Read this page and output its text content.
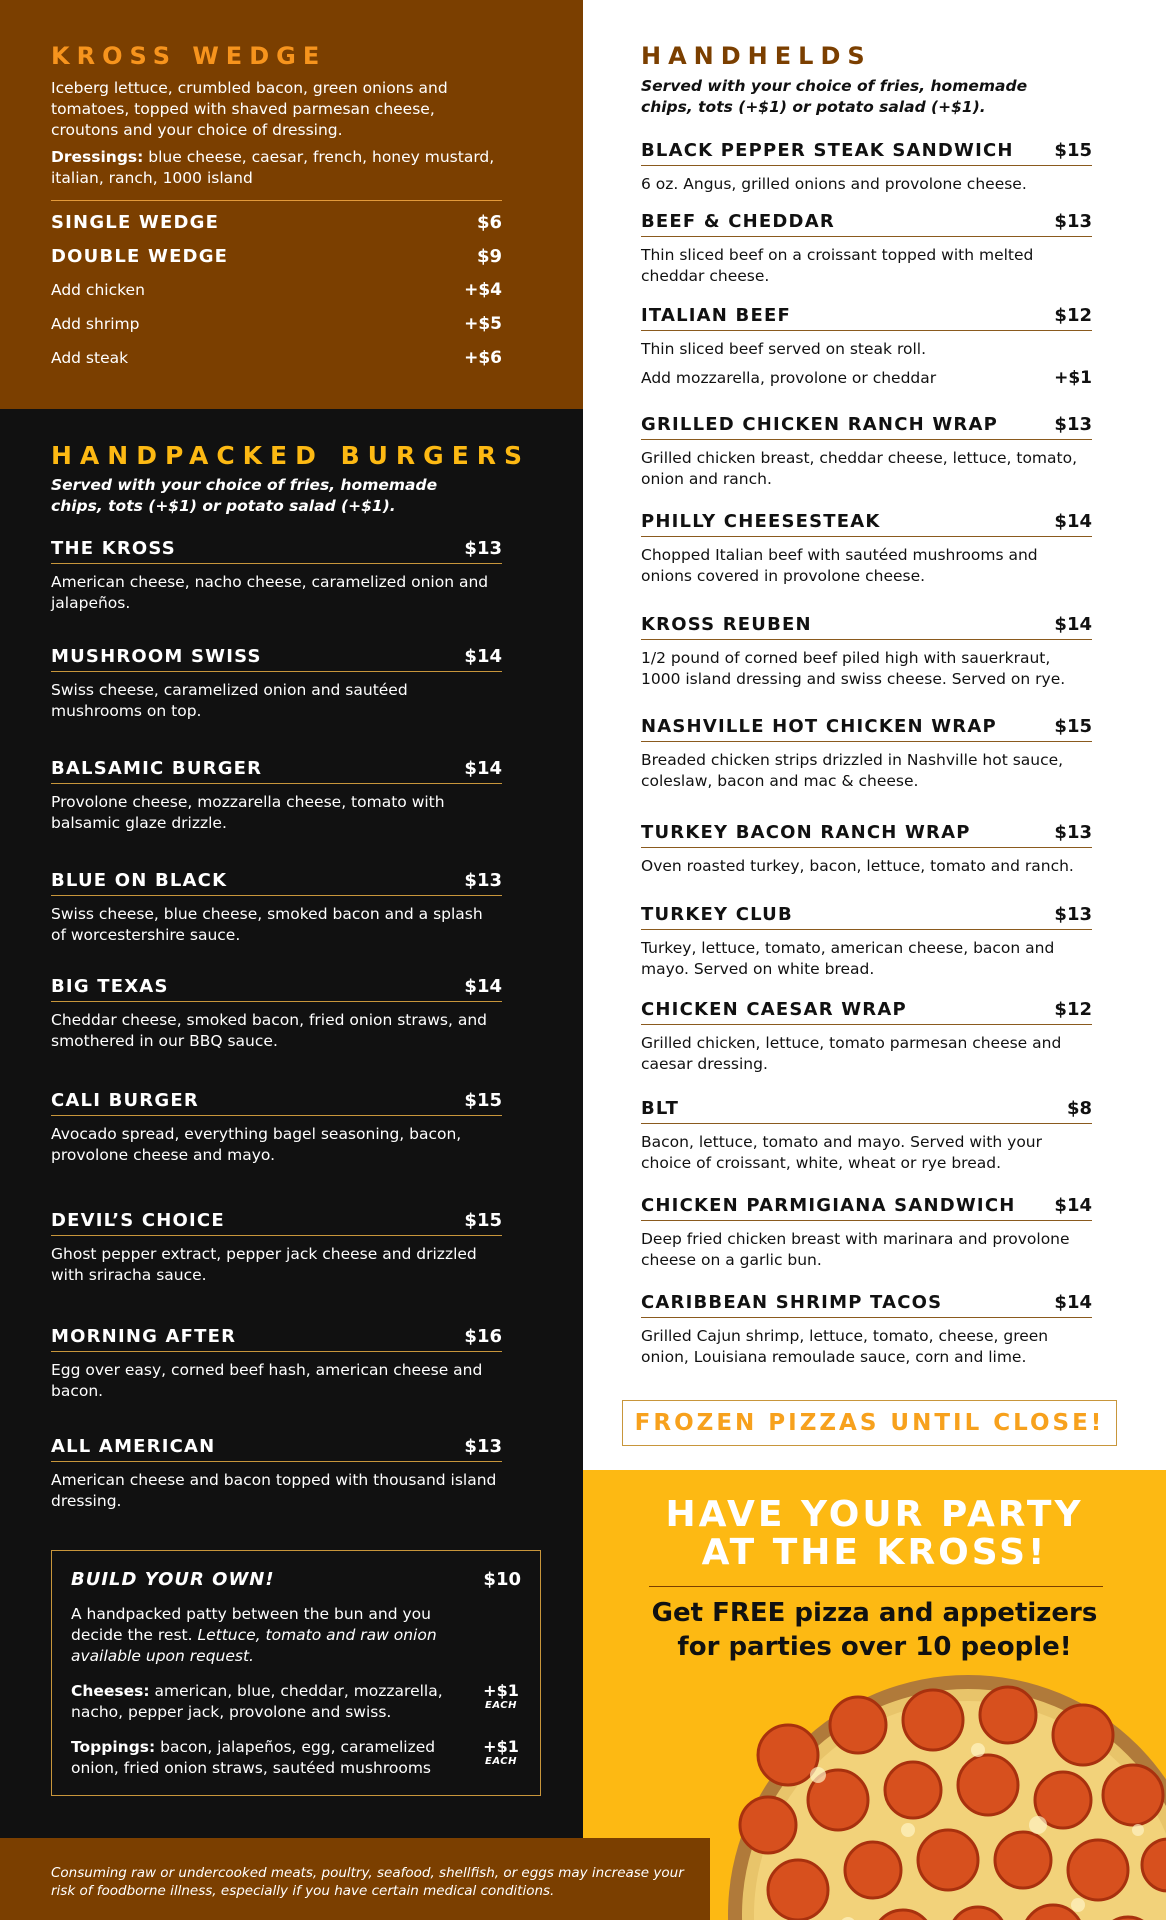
HAVE YOUR PARTY
AT THE KROSS!
Get FREE pizza and appetizers
for parties over 10 people!
KROSS WEDGE
Iceberg lettuce, crumbled bacon, green onions and tomatoes, topped with shaved parmesan cheese, croutons and your choice of dressing.
Dressings: blue cheese, caesar, french, honey mustard, italian, ranch, 1000 island
SINGLE WEDGE	$6
DOUBLE WEDGE	$9
Add chicken	+$4
Add shrimp	+$5
Add steak	+$6
HANDPACKED BURGERS
Served with your choice of fries, homemade chips, tots (+$1) or potato salad (+$1).
THE KROSS	$13
American cheese, nacho cheese, caramelized onion and jalapeños.
MUSHROOM SWISS	$14
Swiss cheese, caramelized onion and sautéed mushrooms on top.
BALSAMIC BURGER	$14
Provolone cheese, mozzarella cheese, tomato with balsamic glaze drizzle.
BLUE ON BLACK	$13
Swiss cheese, blue cheese, smoked bacon and a splash of worcestershire sauce.
BIG TEXAS	$14
Cheddar cheese, smoked bacon, fried onion straws, and smothered in our BBQ sauce.
CALI BURGER	$15
Avocado spread, everything bagel seasoning, bacon, provolone cheese and mayo.
DEVIL’S CHOICE	$15
Ghost pepper extract, pepper jack cheese and drizzled with sriracha sauce.
MORNING AFTER	$16
Egg over easy, corned beef hash, american cheese and bacon.
ALL AMERICAN	$13
American cheese and bacon topped with thousand island dressing.
BUILD YOUR OWN!	$10
A handpacked patty between the bun and you decide the rest. Lettuce, tomato and raw onion available upon request.
Cheeses: american, blue, cheddar, mozzarella, nacho, pepper jack, provolone and swiss.
+$1
EACH
Toppings: bacon, jalapeños, egg, caramelized onion, fried onion straws, sautéed mushrooms
+$1
EACH
HANDHELDS
Served with your choice of fries, homemade chips, tots (+$1) or potato salad (+$1).
BLACK PEPPER STEAK SANDWICH $15
6 oz. Angus, grilled onions and provolone cheese.
BEEF & CHEDDAR	$13
Thin sliced beef on a croissant topped with melted cheddar cheese.
ITALIAN BEEF	$12
Thin sliced beef served on steak roll.
Add mozzarella, provolone or cheddar	+$1
GRILLED CHICKEN RANCH WRAP	$13
Grilled chicken breast, cheddar cheese, lettuce, tomato, onion and ranch.
PHILLY CHEESESTEAK	$14
Chopped Italian beef with sautéed mushrooms and onions covered in provolone cheese.
KROSS REUBEN	$14
1/2 pound of corned beef piled high with sauerkraut, 1000 island dressing and swiss cheese. Served on rye.
NASHVILLE HOT CHICKEN WRAP	$15
Breaded chicken strips drizzled in Nashville hot sauce, coleslaw, bacon and mac & cheese.
TURKEY BACON RANCH WRAP	$13
Oven roasted turkey, bacon, lettuce, tomato and ranch.
TURKEY CLUB	$13
Turkey, lettuce, tomato, american cheese, bacon and mayo. Served on white bread.
CHICKEN CAESAR WRAP	$12
Grilled chicken, lettuce, tomato parmesan cheese and caesar dressing.
BLT	$8
Bacon, lettuce, tomato and mayo. Served with your choice of croissant, white, wheat or rye bread.
CHICKEN PARMIGIANA SANDWICH $14
Deep fried chicken breast with marinara and provolone cheese on a garlic bun.
CARIBBEAN SHRIMP TACOS	$14
Grilled Cajun shrimp, lettuce, tomato, cheese, green onion, Louisiana remoulade sauce, corn and lime.
FROZEN PIZZAS UNTIL CLOSE!
Consuming raw or undercooked meats, poultry, seafood, shellfish, or eggs may increase your risk of foodborne illness, especially if you have certain medical conditions.
